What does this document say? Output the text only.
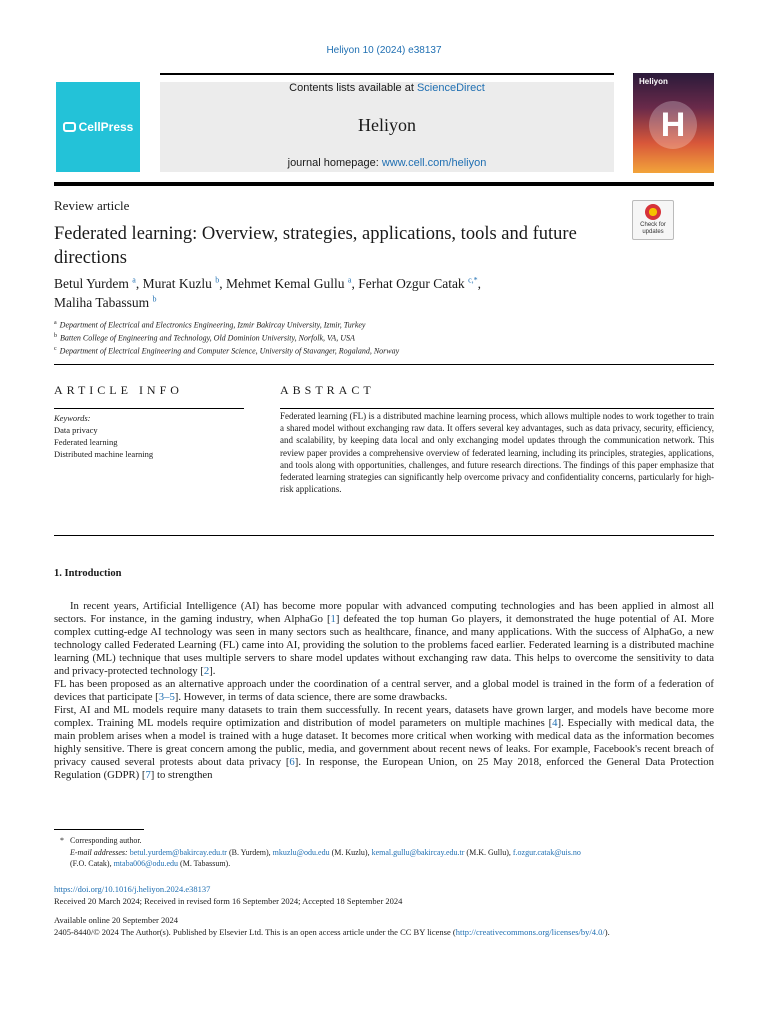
Heliyon 10 (2024) e38137
CellPress
Contents lists available at ScienceDirect
Heliyon
journal homepage: www.cell.com/heliyon
Heliyon
H
Review article
Federated learning: Overview, strategies, applications, tools and future directions
Check for updates
Betul Yurdem $^a$, Murat Kuzlu $^b$, Mehmet Kemal Gullu $^a$, Ferhat Ozgur Catak $^{c,*}$,
Maliha Tabassum $^b$
$^a$ Department of Electrical and Electronics Engineering, Izmir Bakircay University, Izmir, Turkey
$^b$ Batten College of Engineering and Technology, Old Dominion University, Norfolk, VA, USA
$^c$ Department of Electrical Engineering and Computer Science, University of Stavanger, Rogaland, Norway
ARTICLE INFO	ABSTRACT
Keywords:
Data privacy
Federated learning
Distributed machine learning
Federated learning (FL) is a distributed machine learning process, which allows multiple nodes to work together to train a shared model without exchanging raw data. It offers several key advantages, such as data privacy, security, efficiency, and scalability, by keeping data local and only exchanging model updates through the communication network. This review paper provides a comprehensive overview of federated learning, including its principles, strategies, applications, and tools along with opportunities, challenges, and future research directions. The findings of this paper emphasize that federated learning strategies can significantly help overcome privacy and confidentiality concerns, particularly for high-risk applications.
1. Introduction

In recent years, Artificial Intelligence (AI) has become more popular with advanced computing technologies and has been applied in almost all sectors. For instance, in the gaming industry, when AlphaGo [1] defeated the top human Go players, it demonstrated the huge potential of AI. More complex cutting-edge AI technology was seen in many sectors such as healthcare, finance, and many applications. With the success of AlphaGo, a new technology called Federated Learning (FL) came into AI, providing the solution to the problems faced earlier. Federated learning is a distributed machine learning (ML) technique that uses multiple servers to share model updates without exchanging raw data. This helps to overcome the sensitivity to data and privacy-protected technology [2].

FL has been proposed as an alternative approach under the coordination of a central server, and a global model is trained in the form of a federation of devices that participate [3–5]. However, in terms of data science, there are some drawbacks.

First, AI and ML models require many datasets to train them successfully. In recent years, datasets have grown larger, and models have become more complex. Training ML models require optimization and distribution of model parameters on multiple machines [4]. Especially with medical data, the main problem arises when a model is trained with a huge dataset. It becomes more critical when working with medical data as the information becomes highly sensitive. There is great concern among the public, media, and government about recent news of leaks. For example, Facebook's recent breach of privacy caused several protests about data privacy [6]. In response, the European Union, on 25 May 2018, enforced the General Data Protection Regulation (GDPR) [7] to strengthen

* Corresponding author.
E-mail addresses: betul.yurdem@bakircay.edu.tr (B. Yurdem), mkuzlu@odu.edu (M. Kuzlu), kemal.gullu@bakircay.edu.tr (M.K. Gullu), f.ozgur.catak@uis.no
(F.O. Catak), mtaba006@odu.edu (M. Tabassum).
https://doi.org/10.1016/j.heliyon.2024.e38137
Received 20 March 2024; Received in revised form 16 September 2024; Accepted 18 September 2024
Available online 20 September 2024
2405-8440/© 2024 The Author(s). Published by Elsevier Ltd. This is an open access article under the CC BY license (http://creativecommons.org/licenses/by/4.0/).
